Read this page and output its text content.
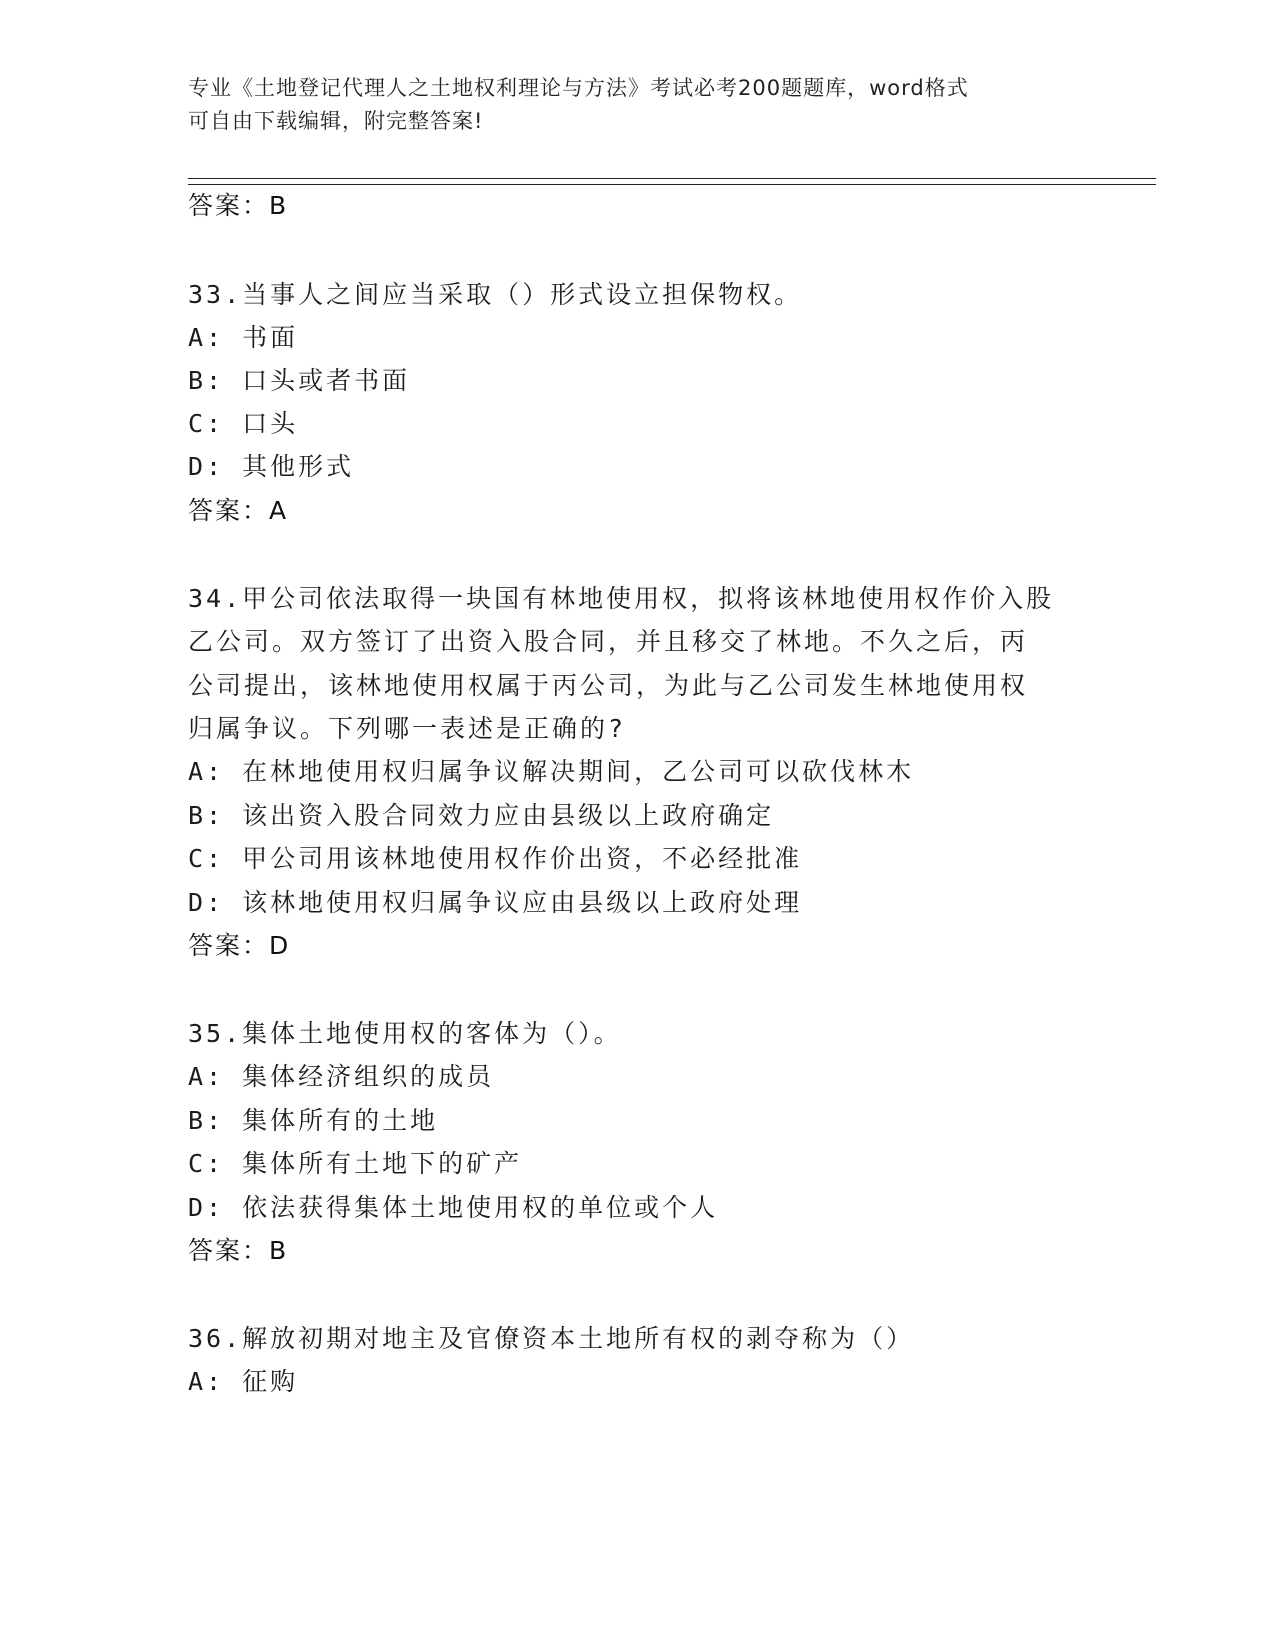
专业《土地登记代理人之土地权利理论与方法》考试必考200题题库，word格式
可自由下载编辑，附完整答案!
答案：B
33.当事人之间应当采取（）形式设立担保物权。
A: 书面
B: 口头或者书面
C: 口头
D: 其他形式
答案：A
34.甲公司依法取得一块国有林地使用权，拟将该林地使用权作价入股
乙公司。双方签订了出资入股合同，并且移交了林地。不久之后，丙
公司提出，该林地使用权属于丙公司，为此与乙公司发生林地使用权
归属争议。下列哪一表述是正确的?
A: 在林地使用权归属争议解决期间，乙公司可以砍伐林木
B: 该出资入股合同效力应由县级以上政府确定
C: 甲公司用该林地使用权作价出资，不必经批准
D: 该林地使用权归属争议应由县级以上政府处理
答案：D
35.集体土地使用权的客体为（）。
A: 集体经济组织的成员
B: 集体所有的土地
C: 集体所有土地下的矿产
D: 依法获得集体土地使用权的单位或个人
答案：B
36.解放初期对地主及官僚资本土地所有权的剥夺称为（）
A: 征购
